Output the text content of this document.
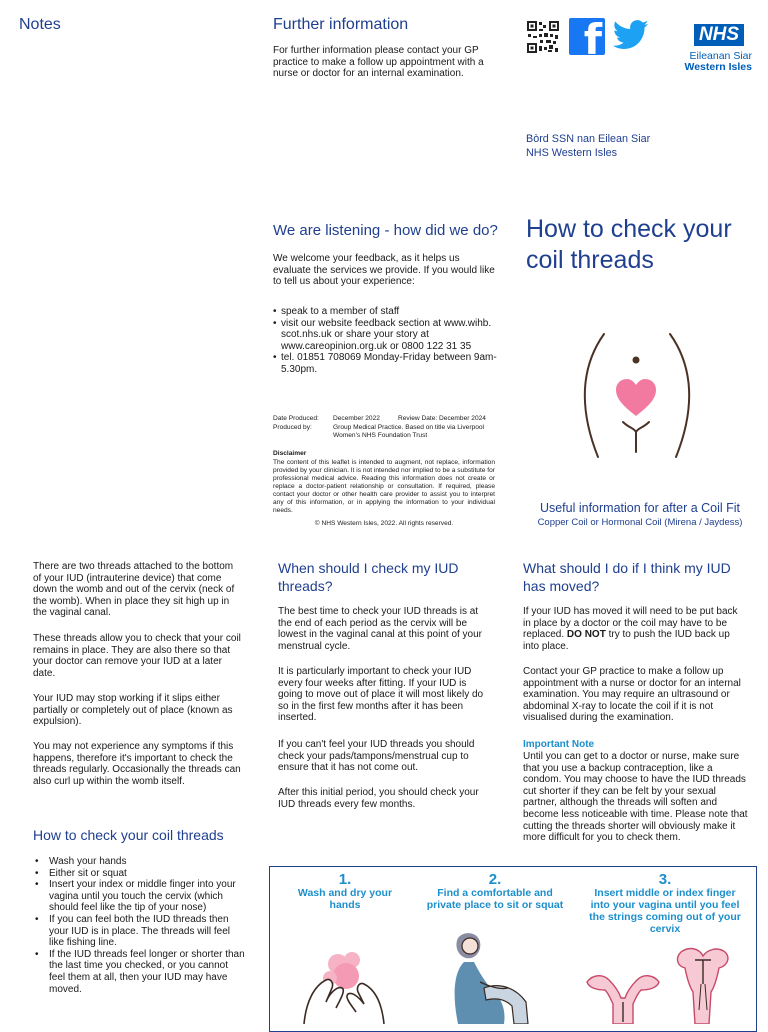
Notes	Further information

For further information please contact your GP practice to make a follow up appointment with a nurse or doctor for an internal examination.

We are listening - how did we do?

We welcome your feedback, as it helps us evaluate the services we provide. If you would like to tell us about your experience:

• speak to a member of staff
• visit our website feedback section at www.wihb. scot.nhs.uk or share your story at www.careopinion.org.uk or 0800 122 31 35
• tel. 01851 708069 Monday-Friday between 9am-5.30pm.
Date Produced:	December 2022	Review Date: December 2024
Produced by:	Group Medical Practice. Based on title via Liverpool Women's NHS Foundation Trust
Disclaimer
The content of this leaflet is intended to augment, not replace, information provided by your clinician. It is not intended nor implied to be a substitute for professional medical advice. Reading this information does not create or replace a doctor-patient relationship or consultation. If required, please contact your doctor or other health care provider to assist you to interpret any of this information, or in applying the information to your individual needs.
© NHS Western Isles, 2022. All rights reserved.
f	NHS
Eileanan Siar
Western Isles
Bòrd SSN nan Eilean Siar
NHS Western Isles
How to check your coil threads
Useful information for after a Coil Fit
Copper Coil or Hormonal Coil (Mirena / Jaydess)

There are two threads attached to the bottom of your IUD (intrauterine device) that come down the womb and out of the cervix (neck of the womb). When in place they sit high up in the vaginal canal.

These threads allow you to check that your coil remains in place. They are also there so that your doctor can remove your IUD at a later date.

Your IUD may stop working if it slips either partially or completely out of place (known as expulsion).

You may not experience any symptoms if this happens, therefore it's important to check the threads regularly. Occasionally the threads can also curl up within the womb itself.

How to check your coil threads
• Wash your hands
• Either sit or squat
• Insert your index or middle finger into your vagina until you touch the cervix (which should feel like the tip of your nose)
• If you can feel both the IUD threads then your IUD is in place. The threads will feel like fishing line.
• If the IUD threads feel longer or shorter than the last time you checked, or you cannot feel them at all, then your IUD may have moved.
When should I check my IUD threads?

The best time to check your IUD threads is at the end of each period as the cervix will be lowest in the vaginal canal at this point of your menstrual cycle.

It is particularly important to check your IUD every four weeks after fitting. If your IUD is going to move out of place it will most likely do so in the first few months after it has been inserted.

If you can't feel your IUD threads you should check your pads/tampons/menstrual cup to ensure that it has not come out.

After this initial period, you should check your IUD threads every few months.

What should I do if I think my IUD has moved?

If your IUD has moved it will need to be put back in place by a doctor or the coil may have to be replaced. DO NOT try to push the IUD back up into place.

Contact your GP practice to make a follow up appointment with a nurse or doctor for an internal examination. You may require an ultrasound or abdominal X-ray to locate the coil if it is not visualised during the examination.

Important Note

Until you can get to a doctor or nurse, make sure that you use a backup contraception, like a condom. You may choose to have the IUD threads cut shorter if they can be felt by your sexual partner, although the threads will soften and become less noticeable with time. Please note that cutting the threads shorter will obviously make it more difficult for you to check them.

1.
Wash and dry your hands
2.
Find a comfortable and private place to sit or squat
3.
Insert middle or index finger into your vagina until you feel the strings coming out of your cervix
